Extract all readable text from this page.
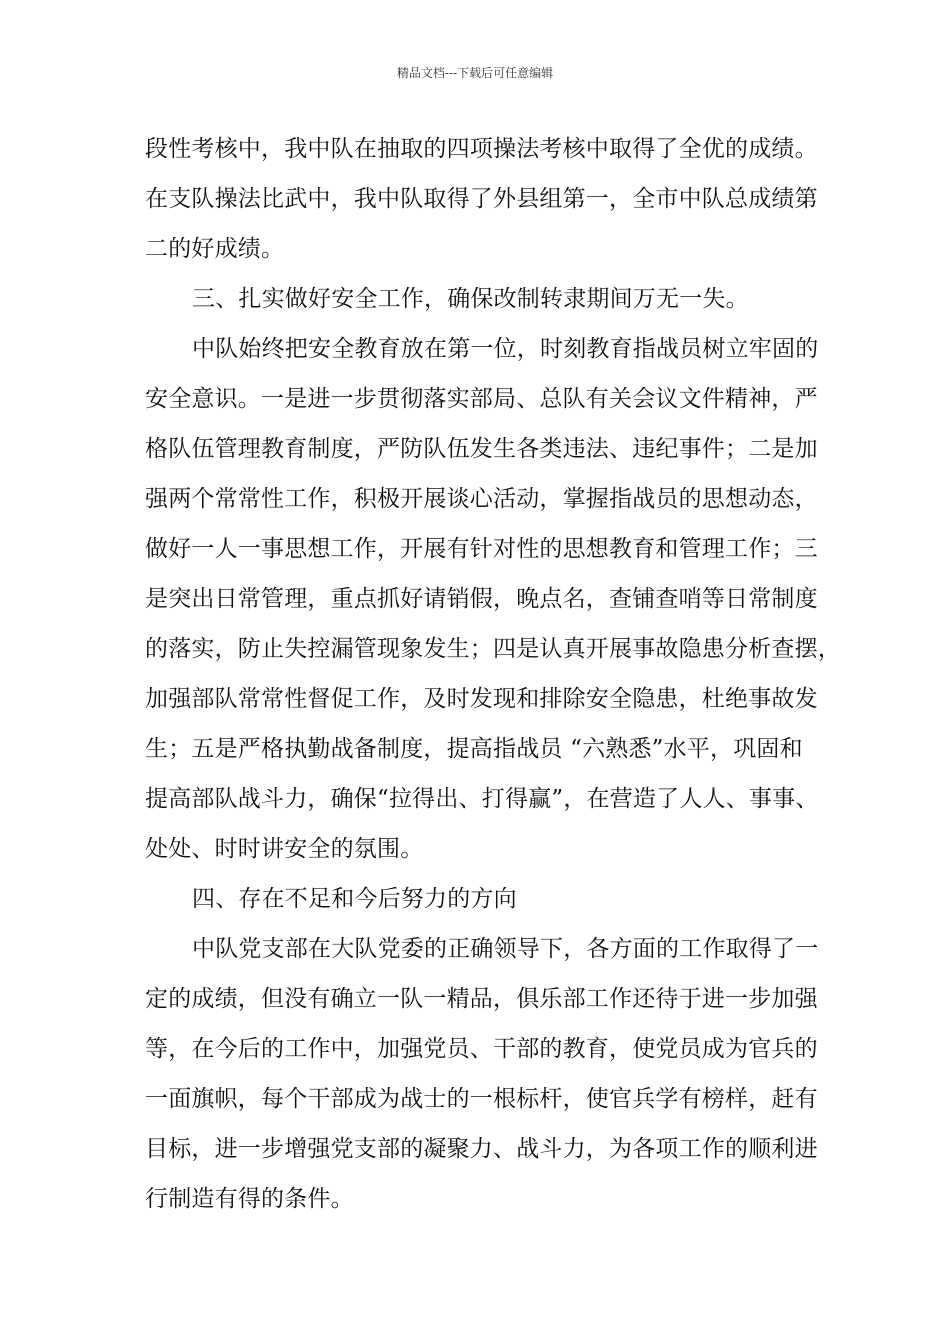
精品文档---下载后可任意编辑
段性考核中，我中队在抽取的四项操法考核中取得了全优的成绩。
在支队操法比武中，我中队取得了外县组第一，全市中队总成绩第
二的好成绩。
三、扎实做好安全工作，确保改制转隶期间万无一失。
中队始终把安全教育放在第一位，时刻教育指战员树立牢固的
安全意识。一是进一步贯彻落实部局、总队有关会议文件精神，严
格队伍管理教育制度，严防队伍发生各类违法、违纪事件；二是加
强两个常常性工作，积极开展谈心活动，掌握指战员的思想动态，
做好一人一事思想工作，开展有针对性的思想教育和管理工作；三
是突出日常管理，重点抓好请销假，晚点名，查铺查哨等日常制度
的落实，防止失控漏管现象发生；四是认真开展事故隐患分析查摆，
加强部队常常性督促工作，及时发现和排除安全隐患，杜绝事故发
生；五是严格执勤战备制度，提高指战员 “六熟悉”水平，巩固和
提高部队战斗力，确保“拉得出、打得赢”，在营造了人人、事事、
处处、时时讲安全的氛围。
四、存在不足和今后努力的方向
中队党支部在大队党委的正确领导下，各方面的工作取得了一
定的成绩，但没有确立一队一精品，俱乐部工作还待于进一步加强
等，在今后的工作中，加强党员、干部的教育，使党员成为官兵的
一面旗帜，每个干部成为战士的一根标杆，使官兵学有榜样，赶有
目标，进一步增强党支部的凝聚力、战斗力，为各项工作的顺利进
行制造有得的条件。
